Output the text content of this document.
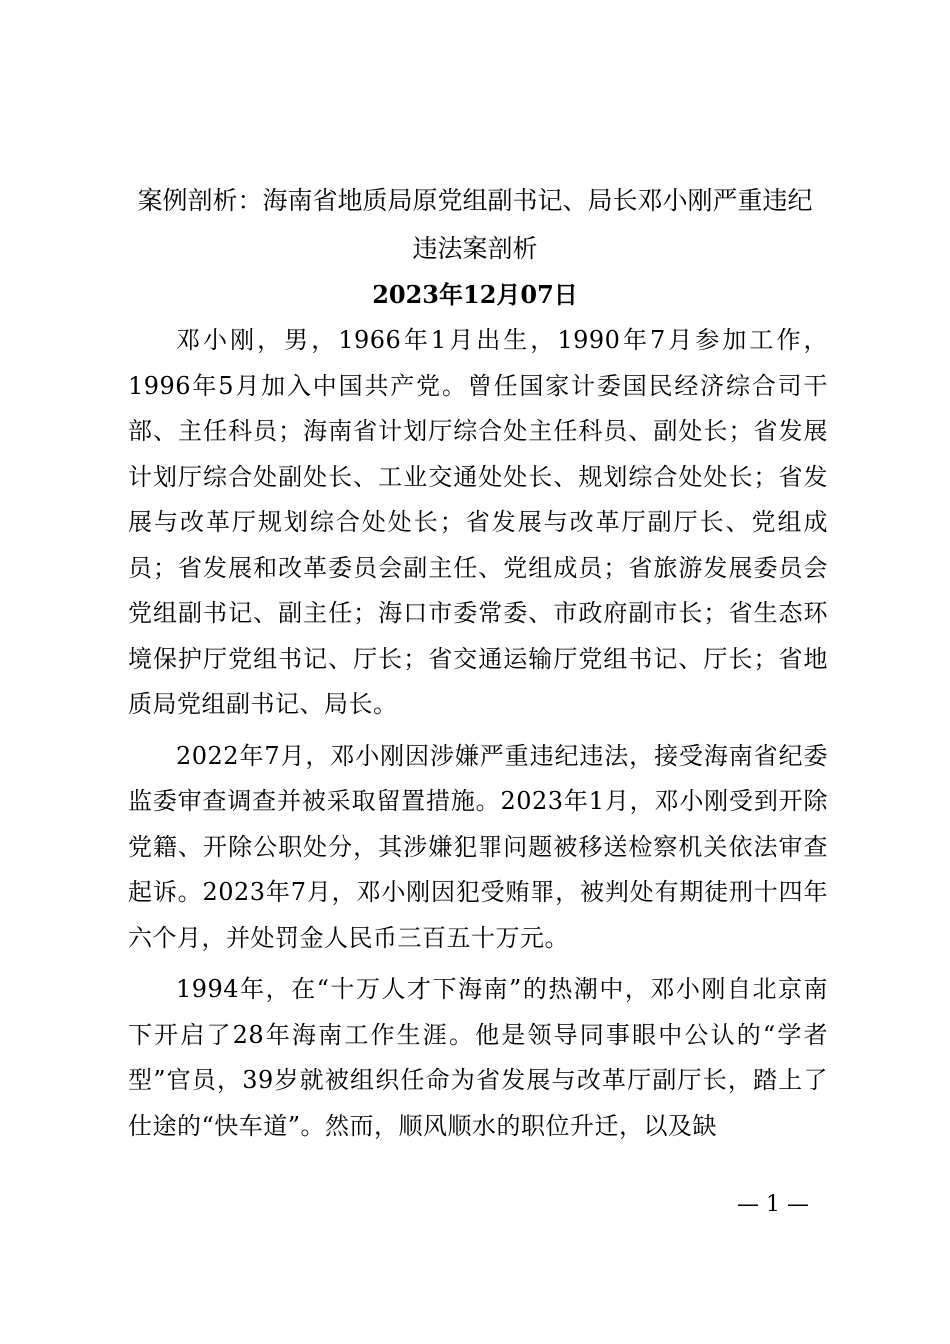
案例剖析：海南省地质局原党组副书记、局长邓小刚严重违纪
违法案剖析
2023年12月07日

邓小刚，男，1966年1月出生，1990年7月参加工作，1996年5月加入中国共产党。曾任国家计委国民经济综合司干部、主任科员；海南省计划厅综合处主任科员、副处长；省发展计划厅综合处副处长、工业交通处处长、规划综合处处长；省发展与改革厅规划综合处处长；省发展与改革厅副厅长、党组成员；省发展和改革委员会副主任、党组成员；省旅游发展委员会党组副书记、副主任；海口市委常委、市政府副市长；省生态环境保护厅党组书记、厅长；省交通运输厅党组书记、厅长；省地质局党组副书记、局长。

2022年7月，邓小刚因涉嫌严重违纪违法，接受海南省纪委监委审查调查并被采取留置措施。2023年1月，邓小刚受到开除党籍、开除公职处分，其涉嫌犯罪问题被移送检察机关依法审查起诉。2023年7月，邓小刚因犯受贿罪，被判处有期徒刑十四年六个月，并处罚金人民币三百五十万元。

1994年，在“十万人才下海南”的热潮中，邓小刚自北京南下开启了28年海南工作生涯。他是领导同事眼中公认的“学者型”官员，39岁就被组织任命为省发展与改革厅副厅长，踏上了仕途的“快车道”。然而，顺风顺水的职位升迁，以及缺

— 1 —
